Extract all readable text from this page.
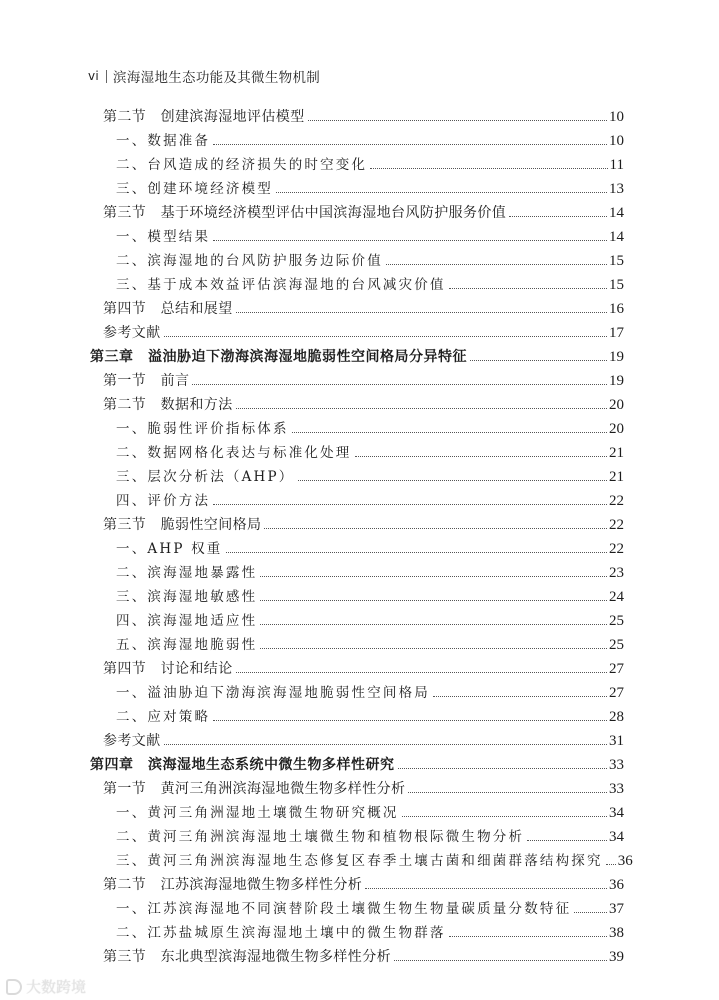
vi 滨海湿地生态功能及其微生物机制
第二节　创建滨海湿地评估模型	10
一、数据准备	10
二、台风造成的经济损失的时空变化	11
三、创建环境经济模型	13
第三节　基于环境经济模型评估中国滨海湿地台风防护服务价值	14
一、模型结果	14
二、滨海湿地的台风防护服务边际价值	15
三、基于成本效益评估滨海湿地的台风减灾价值	15
第四节　总结和展望	16
参考文献	17
第三章　溢油胁迫下渤海滨海湿地脆弱性空间格局分异特征	19
第一节　前言	19
第二节　数据和方法	20
一、脆弱性评价指标体系	20
二、数据网格化表达与标准化处理	21
三、层次分析法（AHP）	21
四、评价方法	22
第三节　脆弱性空间格局	22
一、AHP 权重	22
二、滨海湿地暴露性	23
三、滨海湿地敏感性	24
四、滨海湿地适应性	25
五、滨海湿地脆弱性	25
第四节　讨论和结论	27
一、溢油胁迫下渤海滨海湿地脆弱性空间格局	27
二、应对策略	28
参考文献	31
第四章　滨海湿地生态系统中微生物多样性研究	33
第一节　黄河三角洲滨海湿地微生物多样性分析	33
一、黄河三角洲湿地土壤微生物研究概况	34
二、黄河三角洲滨海湿地土壤微生物和植物根际微生物分析	34
三、黄河三角洲滨海湿地生态修复区春季土壤古菌和细菌群落结构探究 36
第二节　江苏滨海湿地微生物多样性分析	36
一、江苏滨海湿地不同演替阶段土壤微生物生物量碳质量分数特征	37
二、江苏盐城原生滨海湿地土壤中的微生物群落	38
第三节　东北典型滨海湿地微生物多样性分析	39
大数跨境
